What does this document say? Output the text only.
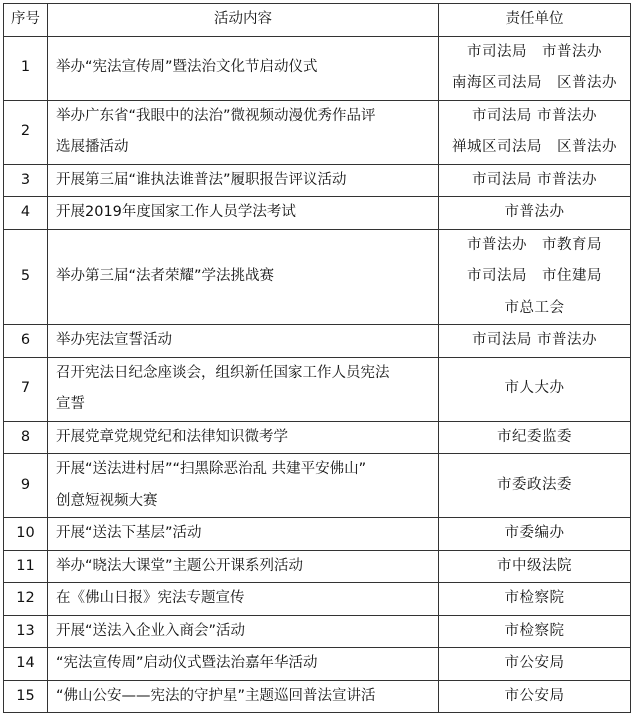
序号	活动内容	责任单位
1	举办“宪法宣传周”暨法治文化节启动仪式	市司法局　市普法办
南海区司法局　区普法办

2	举办广东省“我眼中的法治”微视频动漫优秀作品评
选展播活动	市司法局 市普法办
禅城区司法局　区普法办

3	开展第三届“谁执法谁普法”履职报告评议活动	市司法局 市普法办

4	开展2019年度国家工作人员学法考试	市普法办

5	举办第三届“法者荣耀”学法挑战赛	市普法办　市教育局
市司法局　市住建局
市总工会

6	举办宪法宣誓活动	市司法局 市普法办

7	召开宪法日纪念座谈会，组织新任国家工作人员宪法
宣誓	市人大办

8	开展党章党规党纪和法律知识微考学	市纪委监委

9	开展“送法进村居”“扫黑除恶治乱 共建平安佛山”
创意短视频大赛	市委政法委

10	开展“送法下基层”活动	市委编办

11	举办“晓法大课堂”主题公开课系列活动	市中级法院

12	在《佛山日报》宪法专题宣传	市检察院

13	开展“送法入企业入商会”活动	市检察院

14	“宪法宣传周”启动仪式暨法治嘉年华活动	市公安局

15	“佛山公安——宪法的守护星”主题巡回普法宣讲活	市公安局
